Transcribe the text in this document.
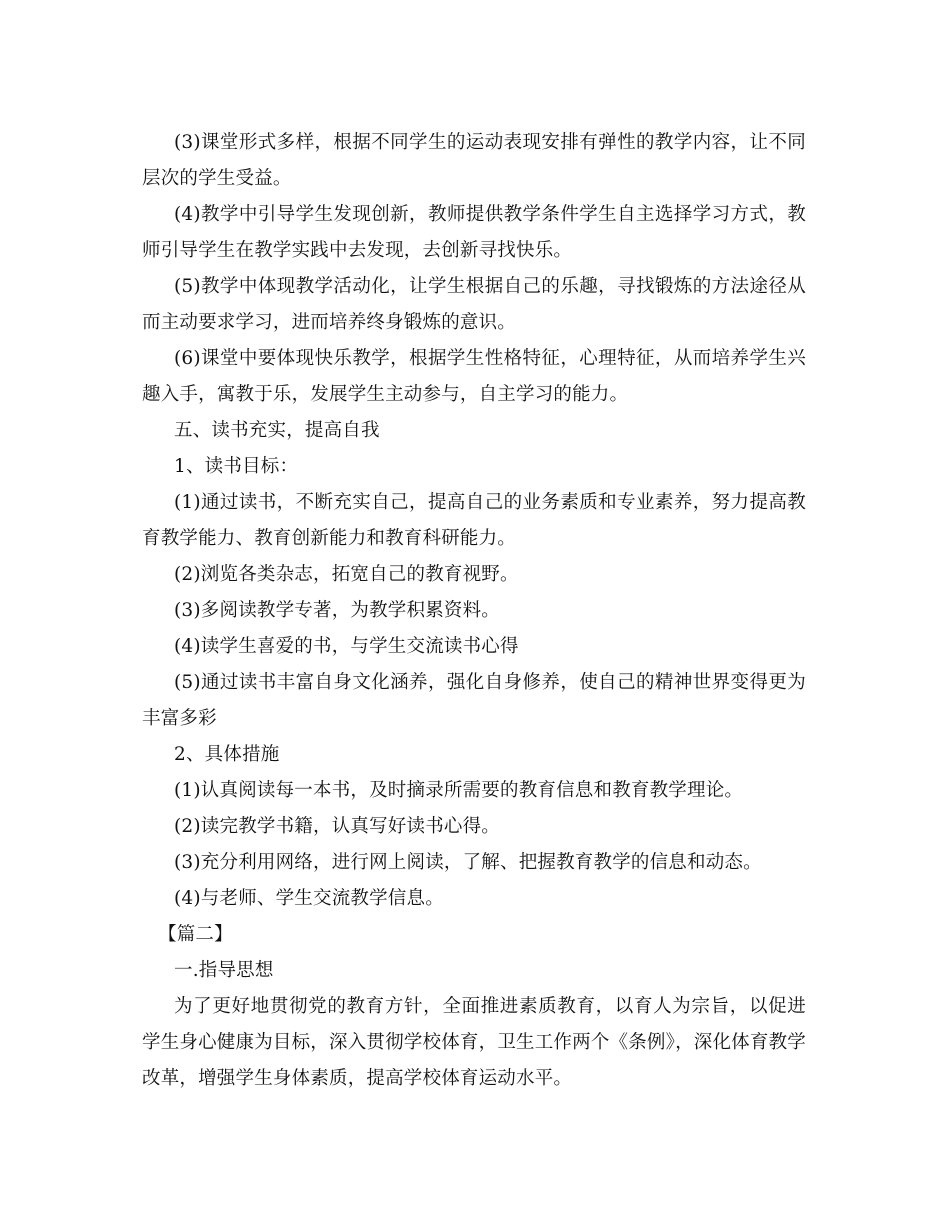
(3)课堂形式多样，根据不同学生的运动表现安排有弹性的教学内容，让不同层次的学生受益。

(4)教学中引导学生发现创新，教师提供教学条件学生自主选择学习方式，教师引导学生在教学实践中去发现，去创新寻找快乐。

(5)教学中体现教学活动化，让学生根据自己的乐趣，寻找锻炼的方法途径从而主动要求学习，进而培养终身锻炼的意识。

(6)课堂中要体现快乐教学，根据学生性格特征，心理特征，从而培养学生兴趣入手，寓教于乐，发展学生主动参与，自主学习的能力。

五、读书充实，提高自我

1、读书目标：

(1)通过读书，不断充实自己，提高自己的业务素质和专业素养，努力提高教育教学能力、教育创新能力和教育科研能力。

(2)浏览各类杂志，拓宽自己的教育视野。

(3)多阅读教学专著，为教学积累资料。

(4)读学生喜爱的书，与学生交流读书心得

(5)通过读书丰富自身文化涵养，强化自身修养，使自己的精神世界变得更为丰富多彩

2、具体措施

(1)认真阅读每一本书，及时摘录所需要的教育信息和教育教学理论。

(2)读完教学书籍，认真写好读书心得。

(3)充分利用网络，进行网上阅读，了解、把握教育教学的信息和动态。

(4)与老师、学生交流教学信息。

【篇二】

一.指导思想

为了更好地贯彻党的教育方针，全面推进素质教育，以育人为宗旨，以促进学生身心健康为目标，深入贯彻学校体育，卫生工作两个《条例》，深化体育教学改革，增强学生身体素质，提高学校体育运动水平。
